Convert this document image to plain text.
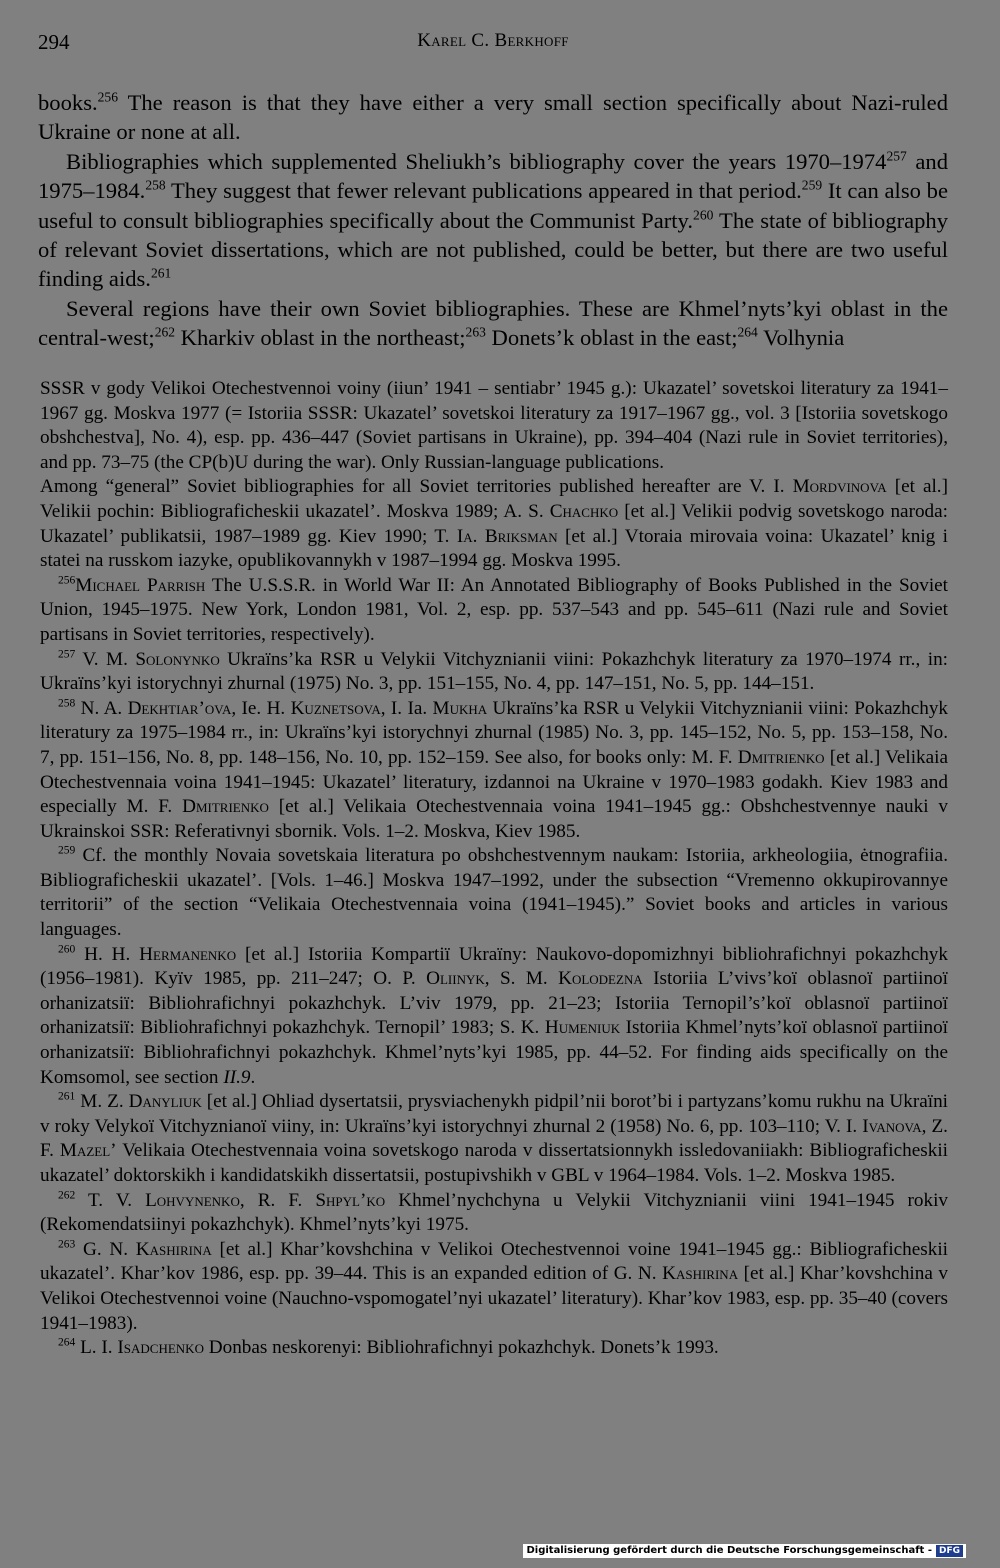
294	Karel C. Berkhoff

books.$^{256}$ The reason is that they have either a very small section specifically about Nazi-ruled Ukraine or none at all.

Bibliographies which supplemented Sheliukh’s bibliography cover the years 1970–1974$^{257}$ and 1975–1984.$^{258}$ They suggest that fewer relevant publications appeared in that period.$^{259}$ It can also be useful to consult bibliographies specifically about the Communist Party.$^{260}$ The state of bibliography of relevant Soviet dissertations, which are not published, could be better, but there are two useful finding aids.$^{261}$

Several regions have their own Soviet bibliographies. These are Khmel’nyts’kyi oblast in the central-west;$^{262}$ Kharkiv oblast in the northeast;$^{263}$ Donets’k oblast in the east;$^{264}$ Volhynia

SSSR v gody Velikoi Otechestvennoi voiny (iiun’ 1941 – sentiabr’ 1945 g.): Ukazatel’ sovetskoi literatury za 1941–1967 gg. Moskva 1977 (= Istoriia SSSR: Ukazatel’ sovetskoi literatury za 1917–1967 gg., vol. 3 [Istoriia sovetskogo obshchestva], No. 4), esp. pp. 436–447 (Soviet partisans in Ukraine), pp. 394–404 (Nazi rule in Soviet territories), and pp. 73–75 (the CP(b)U during the war). Only Russian-language publications.

Among “general” Soviet bibliographies for all Soviet territories published hereafter are V. I. Mordvinova [et al.] Velikii pochin: Bibliograficheskii ukazatel’. Moskva 1989; A. S. Chachko [et al.] Velikii podvig sovetskogo naroda: Ukazatel’ publikatsii, 1987–1989 gg. Kiev 1990; T. Ia. Briksman [et al.] Vtoraia mirovaia voina: Ukazatel’ knig i statei na russkom iazyke, opublikovannykh v 1987–1994 gg. Moskva 1995.

$^{256}$Michael Parrish The U.S.S.R. in World War II: An Annotated Bibliography of Books Published in the Soviet Union, 1945–1975. New York, London 1981, Vol. 2, esp. pp. 537–543 and pp. 545–611 (Nazi rule and Soviet partisans in Soviet territories, respectively).

$^{257}$ V. M. Solonynko Ukraïns’ka RSR u Velykii Vitchyznianii viini: Pokazhchyk literatury za 1970–1974 rr., in: Ukraïns’kyi istorychnyi zhurnal (1975) No. 3, pp. 151–155, No. 4, pp. 147–151, No. 5, pp. 144–151.

$^{258}$ N. A. Dekhtiar’ova, Ie. H. Kuznetsova, I. Ia. Mukha Ukraïns’ka RSR u Velykii Vitchyznianii viini: Pokazhchyk literatury za 1975–1984 rr., in: Ukraïns’kyi istorychnyi zhurnal (1985) No. 3, pp. 145–152, No. 5, pp. 153–158, No. 7, pp. 151–156, No. 8, pp. 148–156, No. 10, pp. 152–159. See also, for books only: M. F. Dmitrienko [et al.] Velikaia Otechestvennaia voina 1941–1945: Ukazatel’ literatury, izdannoi na Ukraine v 1970–1983 godakh. Kiev 1983 and especially M. F. Dmitrienko [et al.] Velikaia Otechestvennaia voina 1941–1945 gg.: Obshchestvennye nauki v Ukrainskoi SSR: Referativnyi sbornik. Vols. 1–2. Moskva, Kiev 1985.

$^{259}$ Cf. the monthly Novaia sovetskaia literatura po obshchestvennym naukam: Istoriia, arkheologiia, ėtnografiia. Bibliograficheskii ukazatel’. [Vols. 1–46.] Moskva 1947–1992, under the subsection “Vremenno okkupirovannye territorii” of the section “Velikaia Otechestvennaia voina (1941–1945).” Soviet books and articles in various languages.

$^{260}$ H. H. Hermanenko [et al.] Istoriia Kompartiï Ukraïny: Naukovo-dopomizhnyi bibliohrafichnyi pokazhchyk (1956–1981). Kyïv 1985, pp. 211–247; O. P. Oliinyk, S. M. Kolodezna Istoriia L’vivs’koï oblasnoï partiinoï orhanizatsiï: Bibliohrafichnyi pokazhchyk. L’viv 1979, pp. 21–23; Istoriia Ternopil’s’koï oblasnoï partiinoï orhanizatsiï: Bibliohrafichnyi pokazhchyk. Ternopil’ 1983; S. K. Humeniuk Istoriia Khmel’nyts’koï oblasnoï partiinoï orhanizatsiï: Bibliohrafichnyi pokazhchyk. Khmel’nyts’kyi 1985, pp. 44–52. For finding aids specifically on the Komsomol, see section II.9.

$^{261}$ M. Z. Danyliuk [et al.] Ohliad dysertatsii, prysviachenykh pidpil’nii borot’bi i partyzans’komu rukhu na Ukraïni v roky Velykoï Vitchyznianoï viiny, in: Ukraïns’kyi istorychnyi zhurnal 2 (1958) No. 6, pp. 103–110; V. I. Ivanova, Z. F. Mazel’ Velikaia Otechestvennaia voina sovetskogo naroda v dissertatsionnykh issledovaniiakh: Bibliograficheskii ukazatel’ doktorskikh i kandidatskikh dissertatsii, postupivshikh v GBL v 1964–1984. Vols. 1–2. Moskva 1985.

$^{262}$ T. V. Lohvynenko, R. F. Shpyl’ko Khmel’nychchyna u Velykii Vitchyznianii viini 1941–1945 rokiv (Rekomendatsiinyi pokazhchyk). Khmel’nyts’kyi 1975.

$^{263}$ G. N. Kashirina [et al.] Khar’kovshchina v Velikoi Otechestvennoi voine 1941–1945 gg.: Bibliograficheskii ukazatel’. Khar’kov 1986, esp. pp. 39–44. This is an expanded edition of G. N. Kashirina [et al.] Khar’kovshchina v Velikoi Otechestvennoi voine (Nauchno-vspomogatel’nyi ukazatel’ literatury). Khar’kov 1983, esp. pp. 35–40 (covers 1941–1983).

$^{264}$ L. I. Isadchenko Donbas neskorenyi: Bibliohrafichnyi pokazhchyk. Donets’k 1993.

Digitalisierung gefördert durch die Deutsche Forschungsgemeinschaft - DFG
